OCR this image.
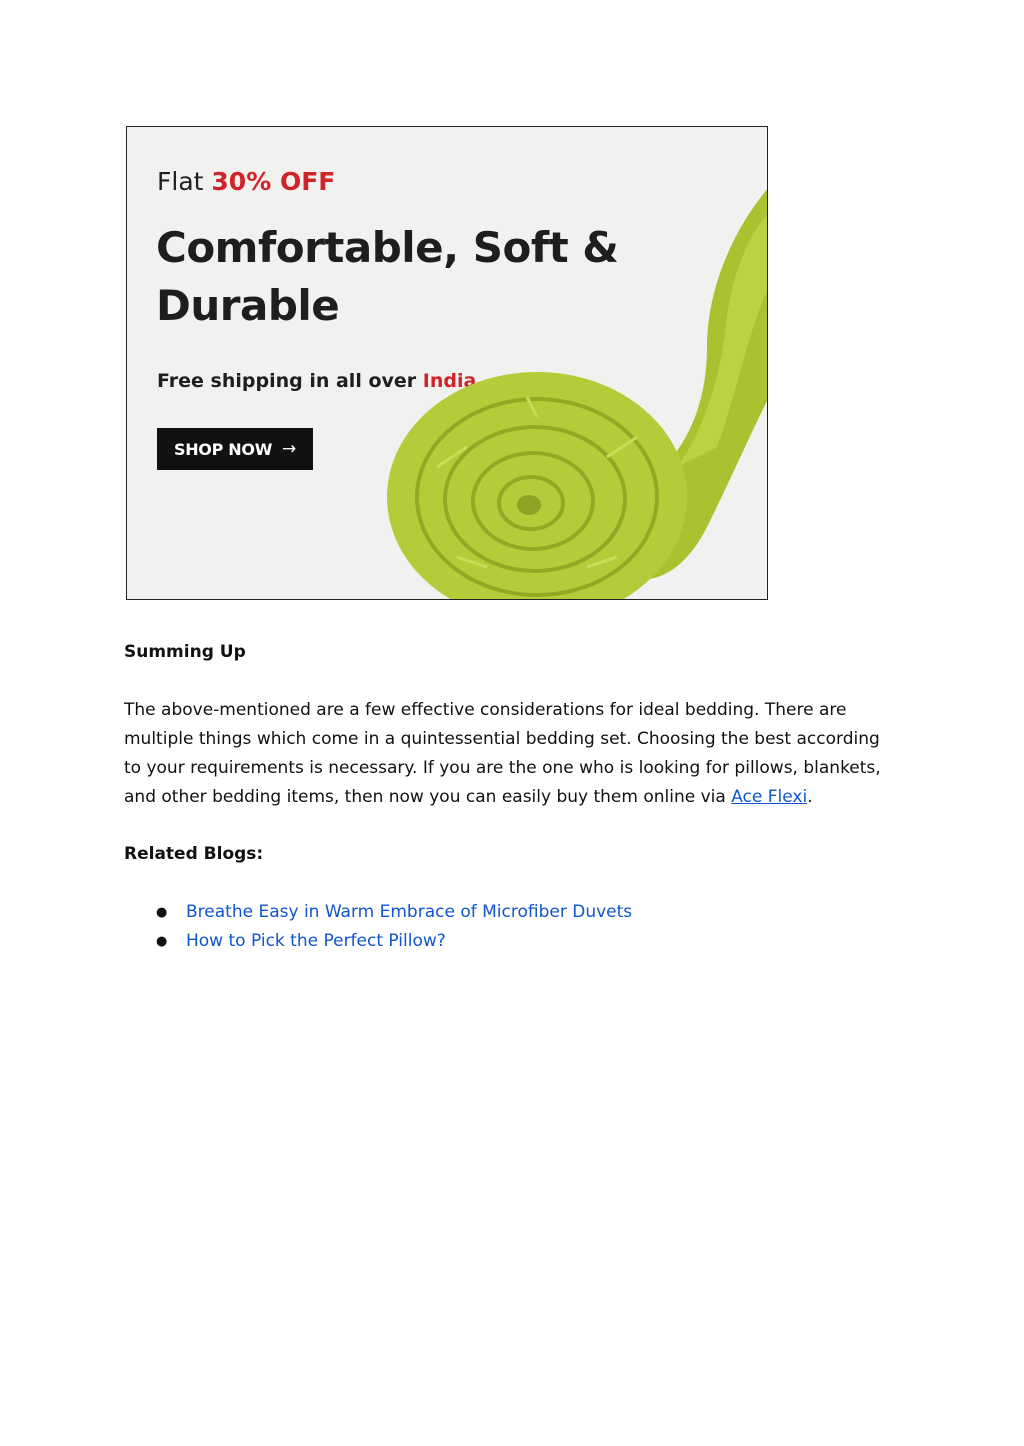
Flat 30% OFF
Comfortable, Soft &
Durable
Free shipping in all over India
SHOP NOW →
Summing Up
The above-mentioned are a few effective considerations for ideal bedding. There are multiple things which come in a quintessential bedding set. Choosing the best according to your requirements is necessary. If you are the one who is looking for pillows, blankets, and other bedding items, then now you can easily buy them online via Ace Flexi.
Related Blogs:
● Breathe Easy in Warm Embrace of Microfiber Duvets
● How to Pick the Perfect Pillow?
